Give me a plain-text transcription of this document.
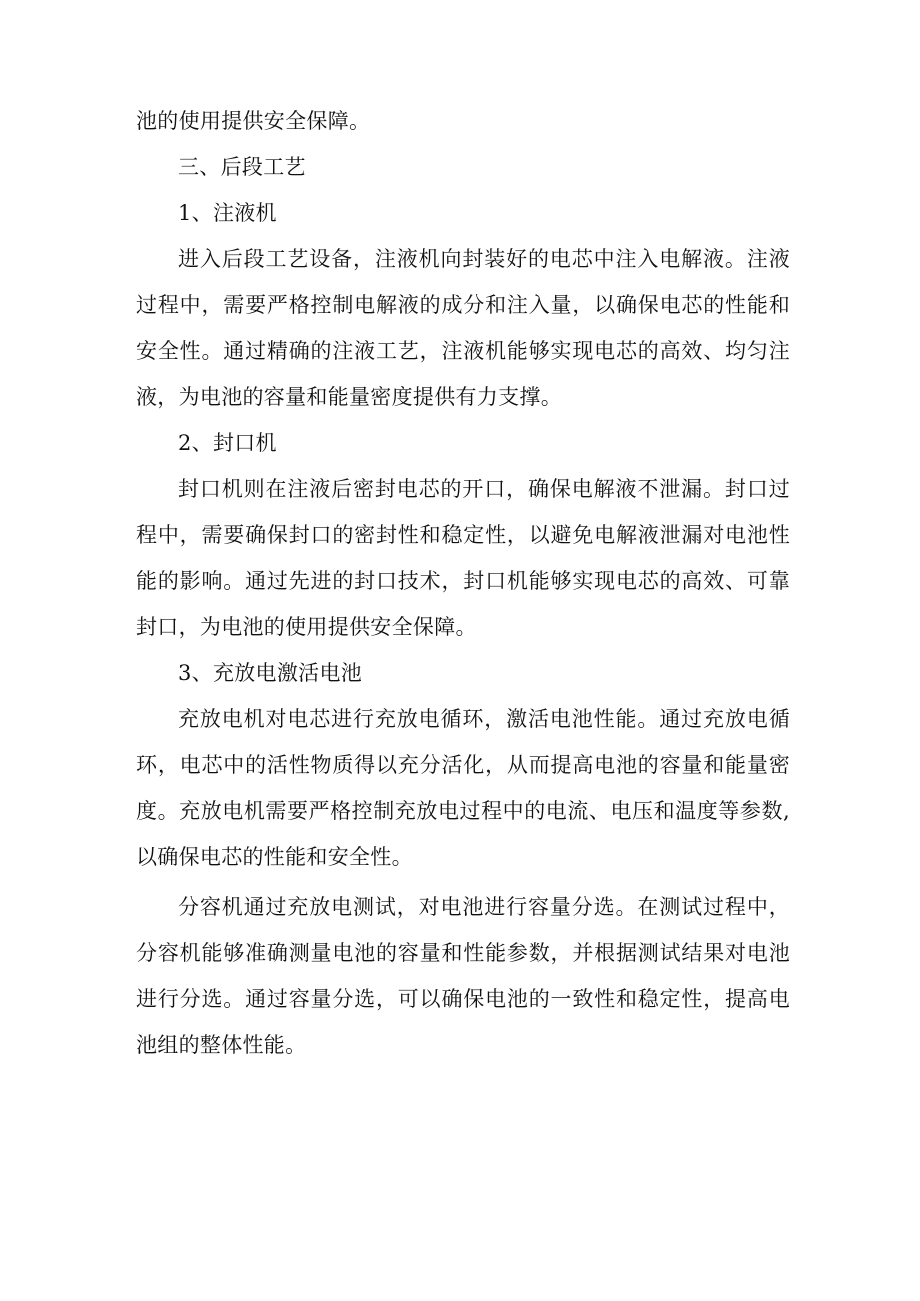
池的使用提供安全保障。

三、后段工艺

1、注液机

进入后段工艺设备，注液机向封装好的电芯中注入电解液。注液过程中，需要严格控制电解液的成分和注入量，以确保电芯的性能和安全性。通过精确的注液工艺，注液机能够实现电芯的高效、均匀注液，为电池的容量和能量密度提供有力支撑。

2、封口机

封口机则在注液后密封电芯的开口，确保电解液不泄漏。封口过程中，需要确保封口的密封性和稳定性，以避免电解液泄漏对电池性能的影响。通过先进的封口技术，封口机能够实现电芯的高效、可靠封口，为电池的使用提供安全保障。

3、充放电激活电池

充放电机对电芯进行充放电循环，激活电池性能。通过充放电循环，电芯中的活性物质得以充分活化，从而提高电池的容量和能量密度。充放电机需要严格控制充放电过程中的电流、电压和温度等参数,以确保电芯的性能和安全性。

分容机通过充放电测试，对电池进行容量分选。在测试过程中，分容机能够准确测量电池的容量和性能参数，并根据测试结果对电池进行分选。通过容量分选，可以确保电池的一致性和稳定性，提高电池组的整体性能。
